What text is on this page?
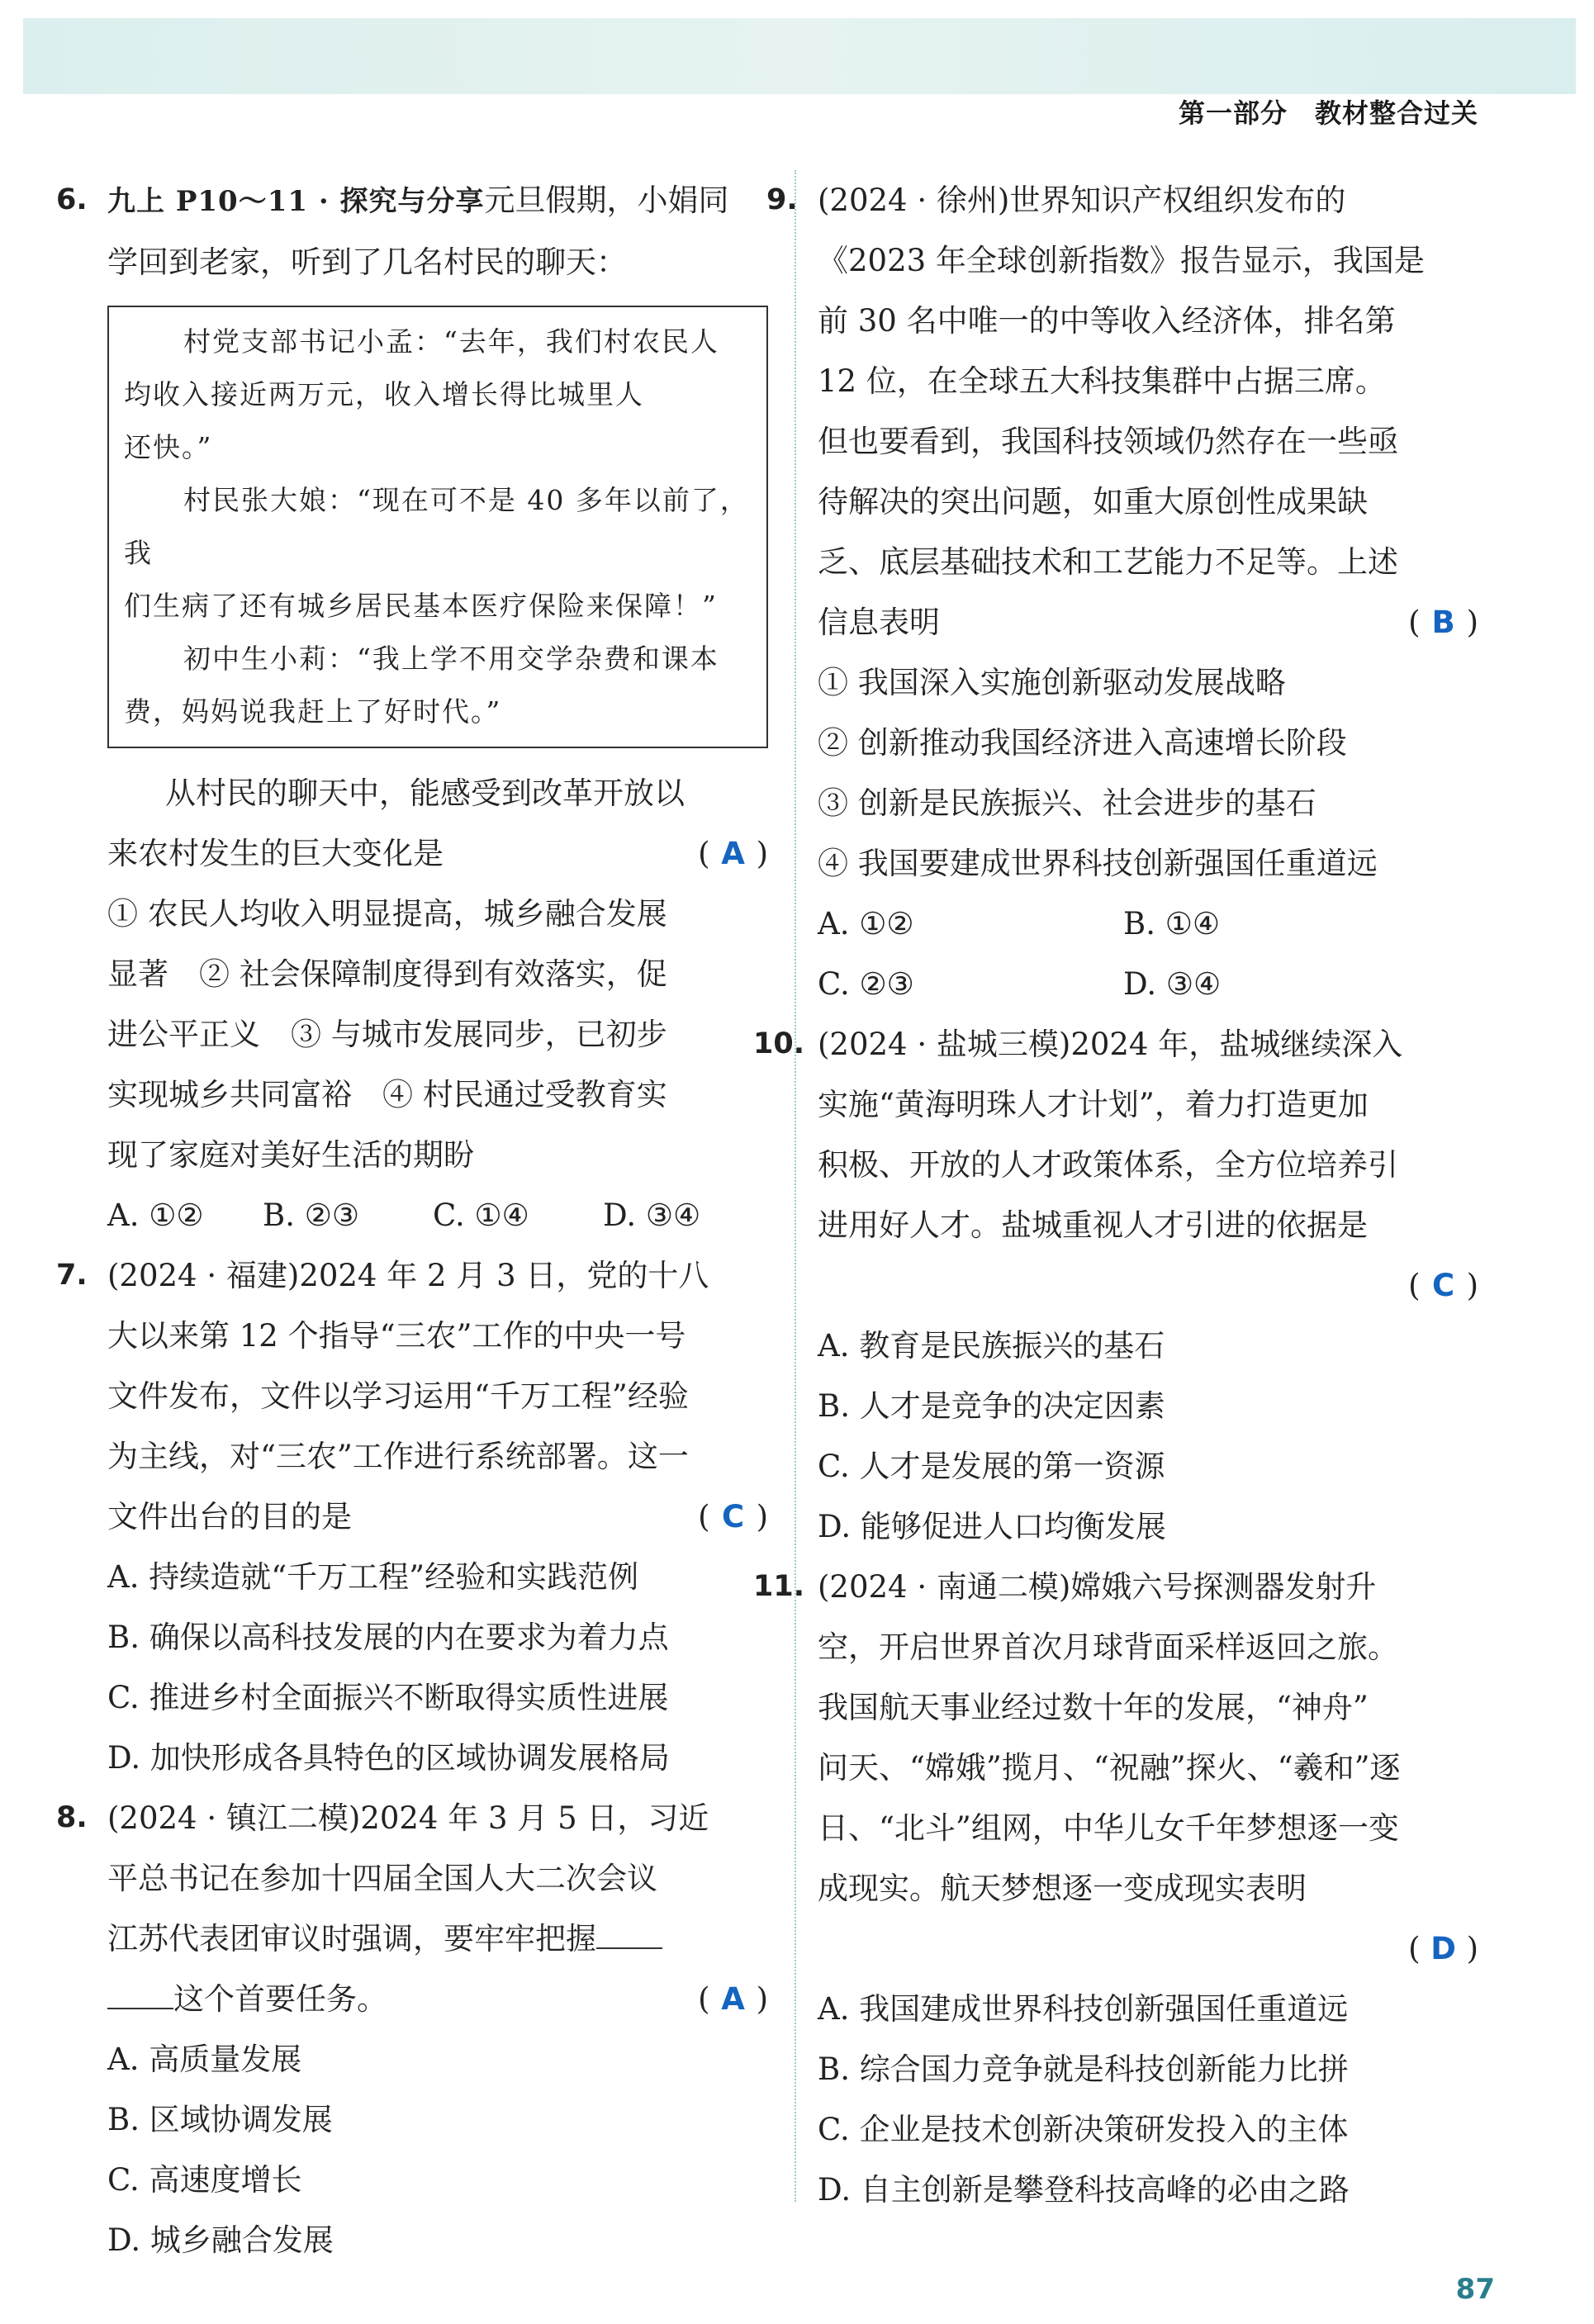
第一部分　教材整合过关
6. 九上 P10～11 · 探究与分享元旦假期，小娟同
学回到老家，听到了几名村民的聊天：
村党支部书记小孟：“去年，我们村农民人
均收入接近两万元，收入增长得比城里人
还快。”
村民张大娘：“现在可不是 40 多年以前了，我
们生病了还有城乡居民基本医疗保险来保障！”
初中生小莉：“我上学不用交学杂费和课本
费，妈妈说我赶上了好时代。”
从村民的聊天中，能感受到改革开放以
来农村发生的巨大变化是	( A )
① 农民人均收入明显提高，城乡融合发展
显著　② 社会保障制度得到有效落实，促
进公平正义　③ 与城市发展同步，已初步
实现城乡共同富裕　④ 村民通过受教育实
现了家庭对美好生活的期盼
A. ①② B. ②③ C. ①④ D. ③④
7. (2024 · 福建)2024 年 2 月 3 日，党的十八
大以来第 12 个指导“三农”工作的中央一号
文件发布，文件以学习运用“千万工程”经验
为主线，对“三农”工作进行系统部署。这一
文件出台的目的是	( C )
A. 持续造就“千万工程”经验和实践范例
B. 确保以高科技发展的内在要求为着力点
C. 推进乡村全面振兴不断取得实质性进展
D. 加快形成各具特色的区域协调发展格局
8. (2024 · 镇江二模)2024 年 3 月 5 日，习近
平总书记在参加十四届全国人大二次会议
江苏代表团审议时强调，要牢牢把握
这个首要任务。	( A )
A. 高质量发展
B. 区域协调发展
C. 高速度增长
D. 城乡融合发展
9. (2024 · 徐州)世界知识产权组织发布的
《2023 年全球创新指数》报告显示，我国是
前 30 名中唯一的中等收入经济体，排名第
12 位，在全球五大科技集群中占据三席。
但也要看到，我国科技领域仍然存在一些亟
待解决的突出问题，如重大原创性成果缺
乏、底层基础技术和工艺能力不足等。上述
信息表明	( B )
① 我国深入实施创新驱动发展战略
② 创新推动我国经济进入高速增长阶段
③ 创新是民族振兴、社会进步的基石
④ 我国要建成世界科技创新强国任重道远
A. ①②	B. ①④
C. ②③	D. ③④
10. (2024 · 盐城三模)2024 年，盐城继续深入
实施“黄海明珠人才计划”，着力打造更加
积极、开放的人才政策体系，全方位培养引
进用好人才。盐城重视人才引进的依据是
( C )

A. 教育是民族振兴的基石
B. 人才是竞争的决定因素
C. 人才是发展的第一资源
D. 能够促进人口均衡发展
11. (2024 · 南通二模)嫦娥六号探测器发射升
空，开启世界首次月球背面采样返回之旅。
我国航天事业经过数十年的发展，“神舟”
问天、“嫦娥”揽月、“祝融”探火、“羲和”逐
日、“北斗”组网，中华儿女千年梦想逐一变
成现实。航天梦想逐一变成现实表明
( D )

A. 我国建成世界科技创新强国任重道远
B. 综合国力竞争就是科技创新能力比拼
C. 企业是技术创新决策研发投入的主体
D. 自主创新是攀登科技高峰的必由之路
87
